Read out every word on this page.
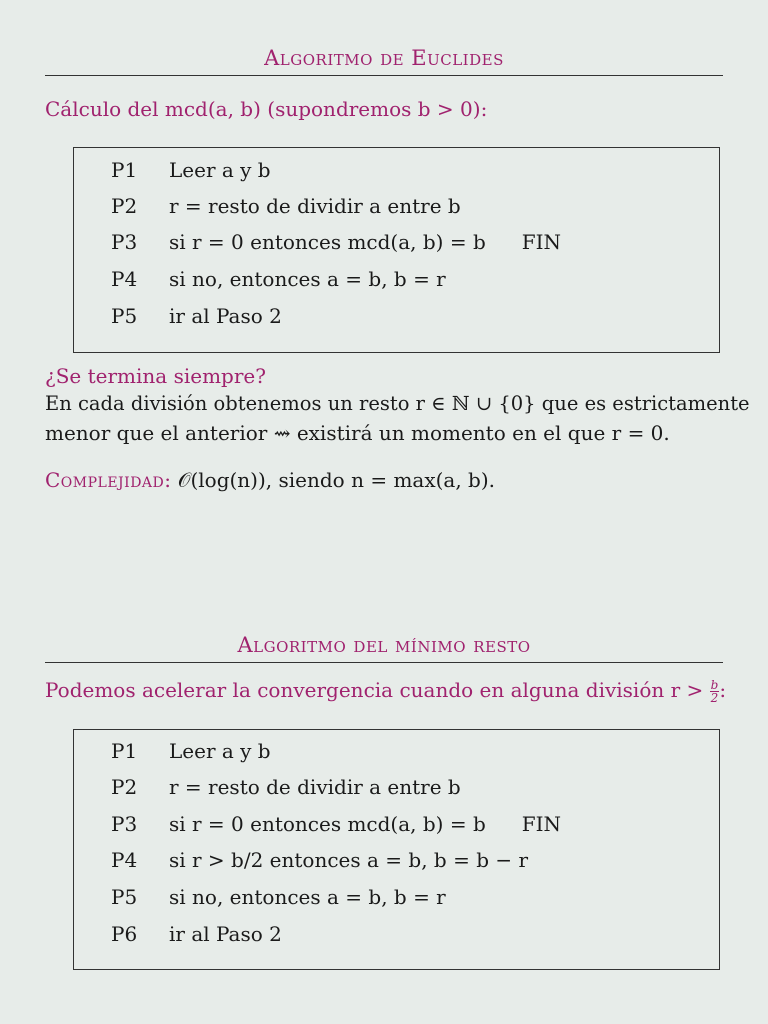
Algoritmo de Euclides
Cálculo del mcd(a, b) (supondremos b > 0):
P1 Leer a y b
P2 r = resto de dividir a entre b
P3 si r = 0 entonces mcd(a, b) = b FIN
P4 si no, entonces a = b, b = r
P5 ir al Paso 2
¿Se termina siempre?
En cada división obtenemos un resto r ∈ ℕ ∪ {0} que es estrictamente
menor que el anterior ⇝ existirá un momento en el que r = 0.
Complejidad: 𝒪(log(n)), siendo n = max(a, b).
Algoritmo del mínimo resto
Podemos acelerar la convergencia cuando en alguna división $r > \frac{b}{2}$ :
P1 Leer a y b
P2 r = resto de dividir a entre b
P3 si r = 0 entonces mcd(a, b) = b FIN
P4 si r > b/2 entonces a = b, b = b − r
P5 si no, entonces a = b, b = r
P6 ir al Paso 2
